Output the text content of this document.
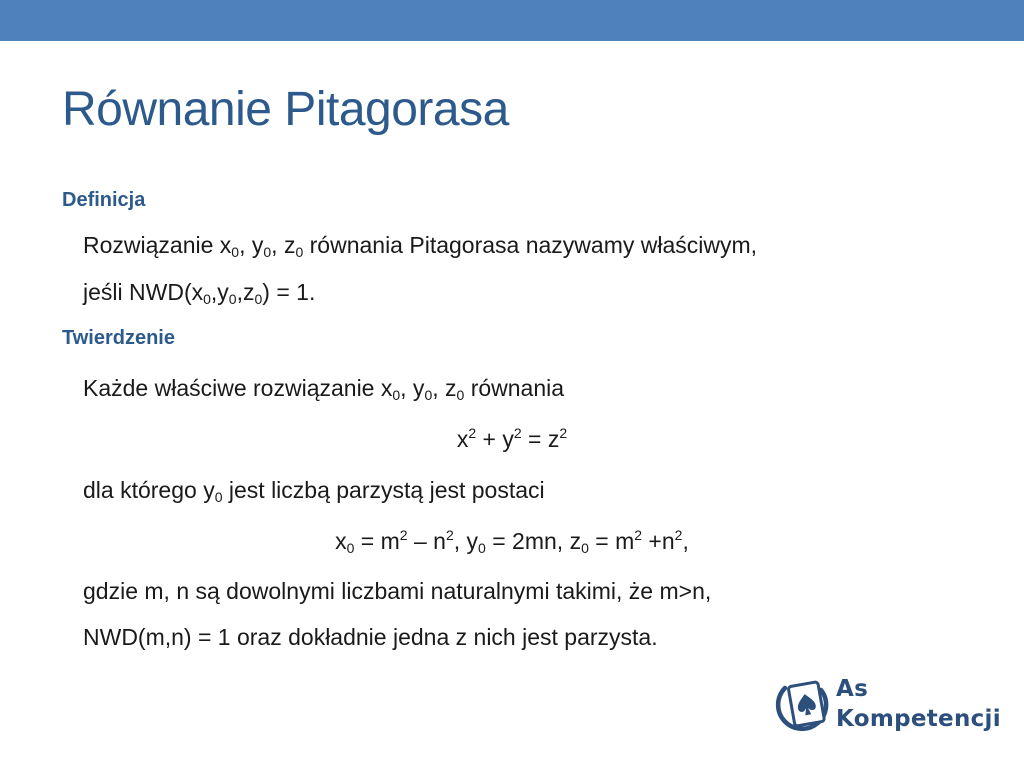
Równanie Pitagorasa

Definicja

Rozwiązanie $x_0$, $y_0$, $z_0$ równania Pitagorasa nazywamy właściwym,

jeśli $NWD(x_0,y_0,z_0) = 1$.

Twierdzenie

Każde właściwe rozwiązanie $x_0$, $y_0$, $z_0$ równania

$x^2 + y^2 = z^2$

dla którego $y_0$ jest liczbą parzystą jest postaci

$x_0 = m^2 - n^2$, $y_0 = 2mn$, $z_0 = m^2 +n^2$,

gdzie m, n są dowolnymi liczbami naturalnymi takimi, że m>n,

NWD(m,n) = 1 oraz dokładnie jedna z nich jest parzysta.

As
Kompetencji
